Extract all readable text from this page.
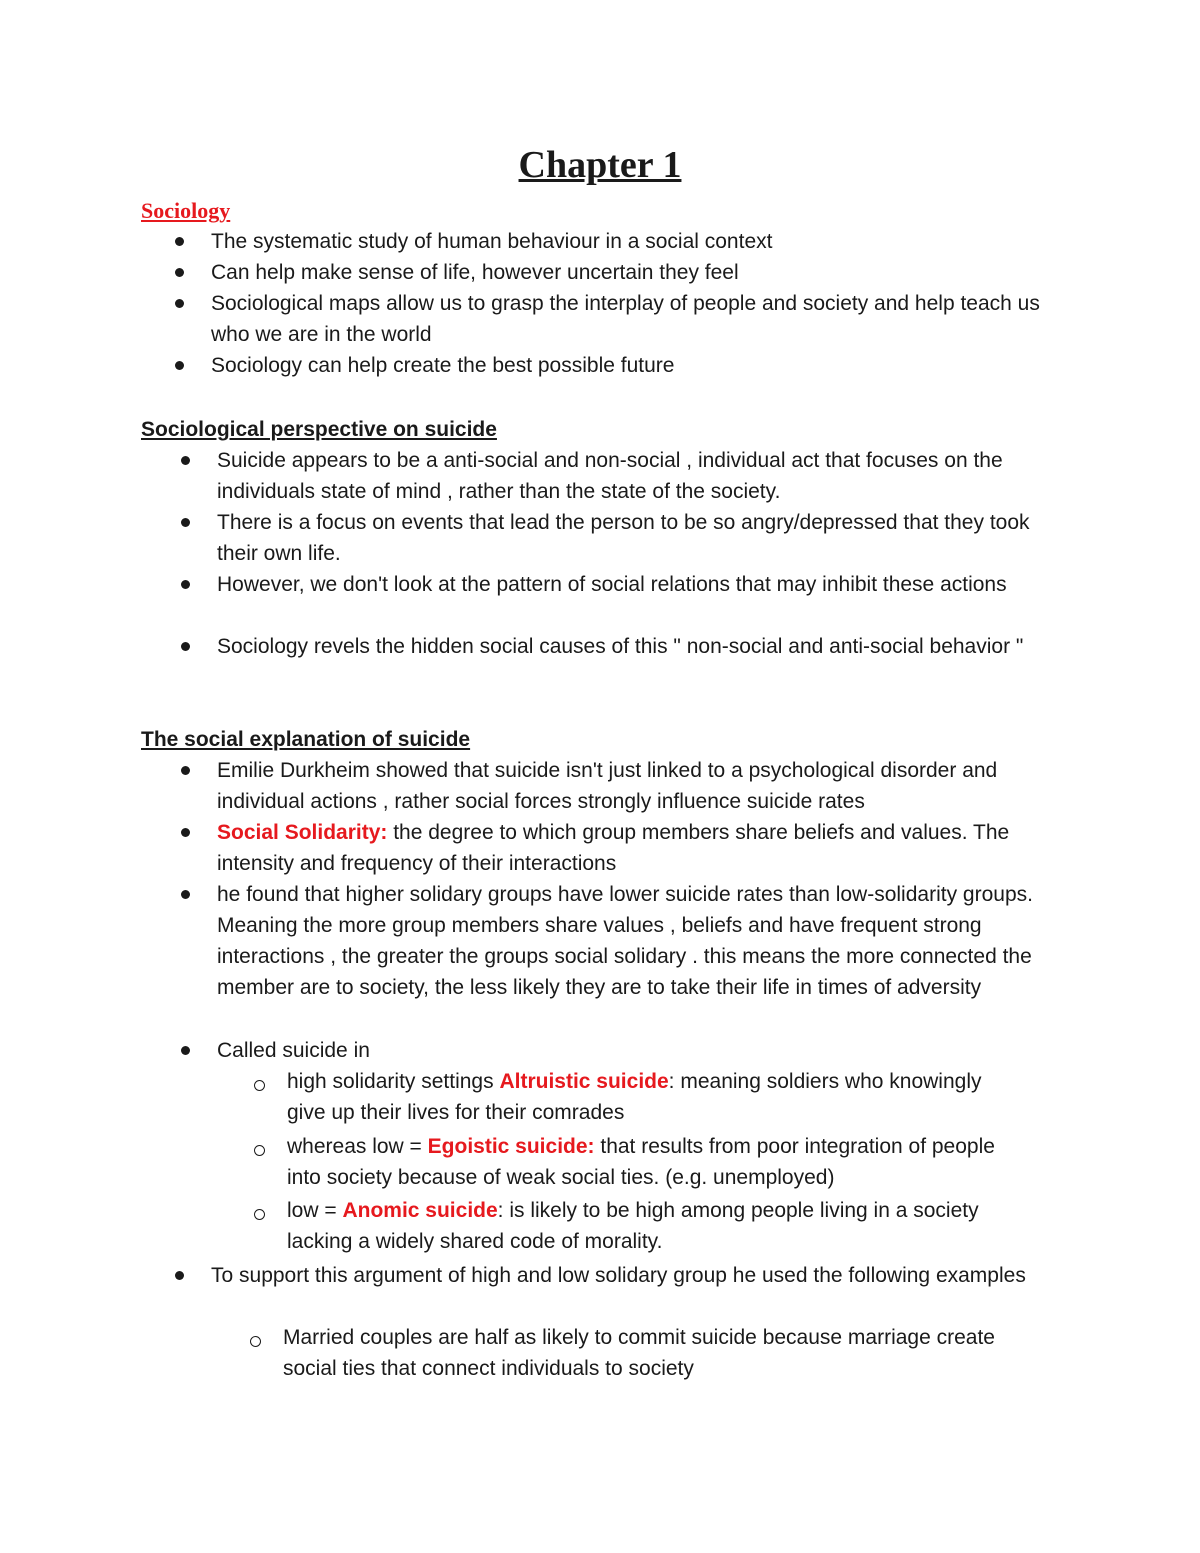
Chapter 1
Sociology
The systematic study of human behaviour in a social context
Can help make sense of life, however uncertain they feel
Sociological maps allow us to grasp the interplay of people and society and help teach us who we are in the world
Sociology can help create the best possible future
Sociological perspective on suicide
Suicide appears to be a anti-social and non-social , individual act that focuses on the individuals state of mind , rather than the state of the society.
There is a focus on events that lead the person to be so angry/depressed that they took their own life.
However, we don't look at the pattern of social relations that may inhibit these actions
Sociology revels the hidden social causes of this " non-social and anti-social behavior "
The social explanation of suicide
Emilie Durkheim showed that suicide isn't just linked to a psychological disorder and individual actions , rather social forces strongly influence suicide rates
Social Solidarity: the degree to which group members share beliefs and values. The intensity and frequency of their interactions
he found that higher solidary groups have lower suicide rates than low-solidarity groups. Meaning the more group members share values , beliefs and have frequent strong interactions , the greater the groups social solidary . this means the more connected the member are to society, the less likely they are to take their life in times of adversity
Called suicide in
high solidarity settings Altruistic suicide: meaning soldiers who knowingly give up their lives for their comrades
whereas low = Egoistic suicide: that results from poor integration of people into society because of weak social ties. (e.g. unemployed)
low = Anomic suicide: is likely to be high among people living in a society lacking a widely shared code of morality.
To support this argument of high and low solidary group he used the following examples
Married couples are half as likely to commit suicide because marriage create social ties that connect individuals to society
